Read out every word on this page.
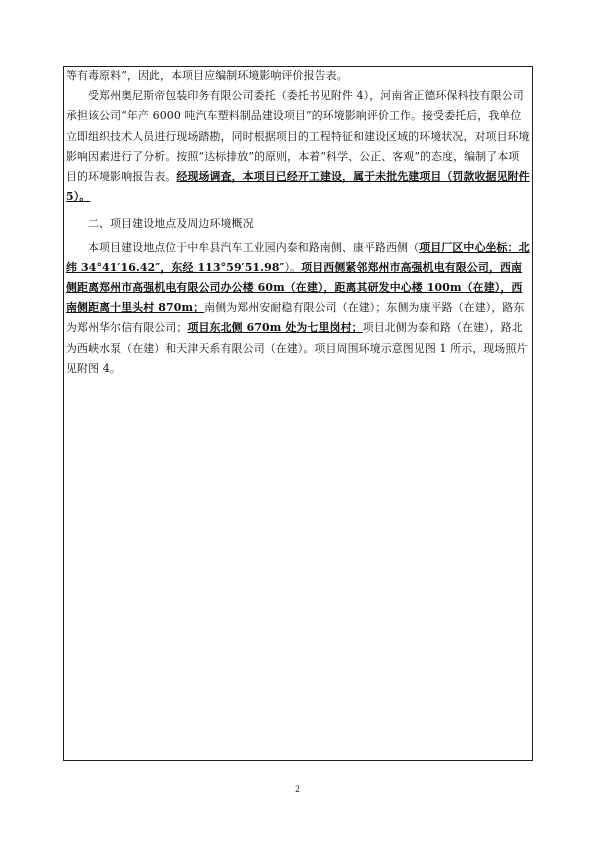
等有毒原料”，因此，本项目应编制环境影响评价报告表。

受郑州奥尼斯帝包装印务有限公司委托（委托书见附件 4），河南省正德环保科技有限公司承担该公司“年产 6000 吨汽车塑料制品建设项目”的环境影响评价工作。接受委托后，我单位立即组织技术人员进行现场踏勘，同时根据项目的工程特征和建设区域的环境状况，对项目环境影响因素进行了分析。按照“达标排放”的原则，本着“科学、公正、客观”的态度，编制了本项目的环境影响报告表。经现场调查，本项目已经开工建设，属于未批先建项目（罚款收据见附件 5）。

二、项目建设地点及周边环境概况

本项目建设地点位于中牟县汽车工业园内泰和路南侧、康平路西侧（项目厂区中心坐标：北纬 34°41′16.42″，东经 113°59′51.98″）。项目西侧紧邻郑州市高强机电有限公司，西南侧距离郑州市高强机电有限公司办公楼 60m（在建），距离其研发中心楼 100m（在建），西南侧距离十里头村 870m；南侧为郑州安耐稳有限公司（在建）；东侧为康平路（在建），路东为郑州华尔信有限公司；项目东北侧 670m 处为七里岗村；项目北侧为泰和路（在建），路北为西峡水泵（在建）和天津天系有限公司（在建）。项目周围环境示意图见图 1 所示，现场照片见附图 4。

2
